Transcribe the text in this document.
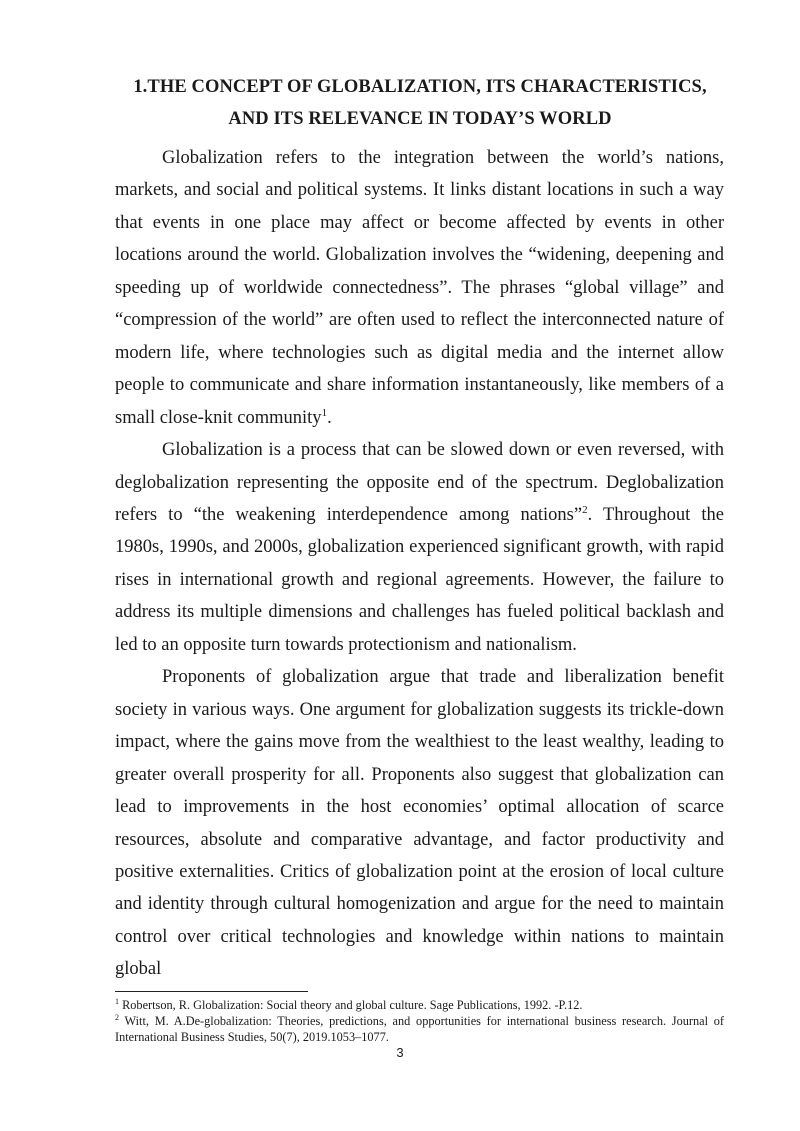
1.THE CONCEPT OF GLOBALIZATION, ITS CHARACTERISTICS,
AND ITS RELEVANCE IN TODAY’S WORLD

Globalization refers to the integration between the world’s nations, markets, and social and political systems. It links distant locations in such a way that events in one place may affect or become affected by events in other locations around the world. Globalization involves the “widening, deepening and speeding up of worldwide connectedness”. The phrases “global village” and “compression of the world” are often used to reflect the interconnected nature of modern life, where technologies such as digital media and the internet allow people to communicate and share information instantaneously, like members of a small close-knit community$^1$.

Globalization is a process that can be slowed down or even reversed, with deglobalization representing the opposite end of the spectrum. Deglobalization refers to “the weakening interdependence among nations”$^2$. Throughout the 1980s, 1990s, and 2000s, globalization experienced significant growth, with rapid rises in international growth and regional agreements. However, the failure to address its multiple dimensions and challenges has fueled political backlash and led to an opposite turn towards protectionism and nationalism.

Proponents of globalization argue that trade and liberalization benefit society in various ways. One argument for globalization suggests its trickle-down impact, where the gains move from the wealthiest to the least wealthy, leading to greater overall prosperity for all. Proponents also suggest that globalization can lead to improvements in the host economies’ optimal allocation of scarce resources, absolute and comparative advantage, and factor productivity and positive externalities. Critics of globalization point at the erosion of local culture and identity through cultural homogenization and argue for the need to maintain control over critical technologies and knowledge within nations to maintain global

$^1$ Robertson, R. Globalization: Social theory and global culture. Sage Publications, 1992. -P.12.

$^2$ Witt, M. A.De-globalization: Theories, predictions, and opportunities for international business research. Journal of International Business Studies, 50(7), 2019.1053–1077.

3
